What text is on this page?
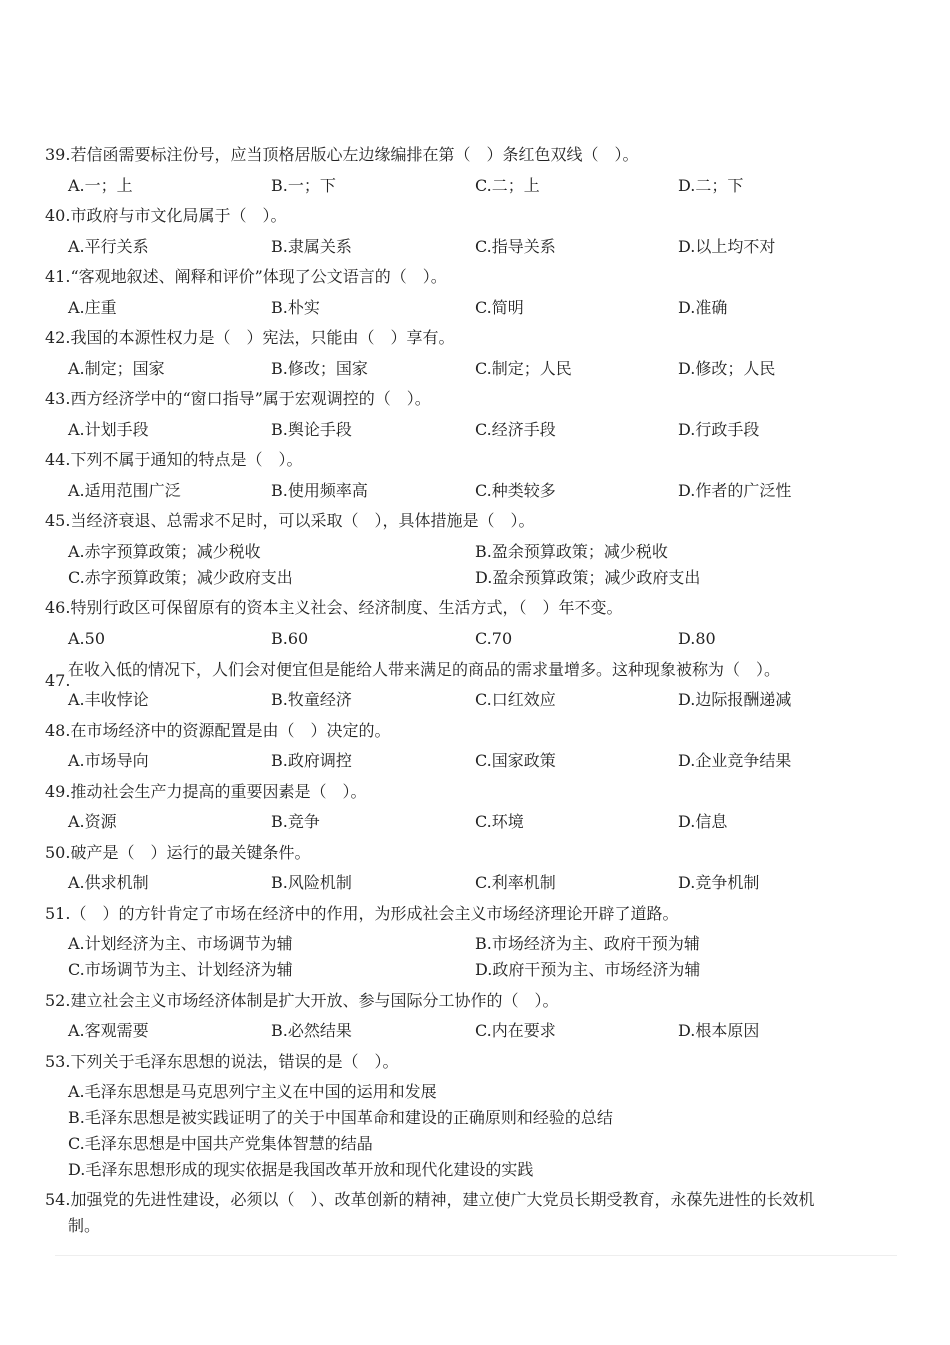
39.若信函需要标注份号，应当顶格居版心左边缘编排在第（　）条红色双线（　）。
A.一；上	B.一；下	C.二；上	D.二；下
40.市政府与市文化局属于（　）。
A.平行关系	B.隶属关系	C.指导关系	D.以上均不对
41.“客观地叙述、阐释和评价”体现了公文语言的（　）。
A.庄重	B.朴实	C.简明	D.准确
42.我国的本源性权力是（　）宪法，只能由（　）享有。
A.制定；国家	B.修改；国家	C.制定；人民	D.修改；人民
43.西方经济学中的“窗口指导”属于宏观调控的（　）。
A.计划手段	B.舆论手段	C.经济手段	D.行政手段
44.下列不属于通知的特点是（　）。
A.适用范围广泛	B.使用频率高	C.种类较多	D.作者的广泛性
45.当经济衰退、总需求不足时，可以采取（　），具体措施是（　）。
A.赤字预算政策；减少税收	B.盈余预算政策；减少税收
C.赤字预算政策；减少政府支出	D.盈余预算政策；减少政府支出
46.特别行政区可保留原有的资本主义社会、经济制度、生活方式，（　）年不变。
A.50	B.60	C.70	D.80
47.
在收入低的情况下，人们会对便宜但是能给人带来满足的商品的需求量增多。这种现象被称为（　）。
A.丰收悖论	B.牧童经济	C.口红效应	D.边际报酬递减
48.在市场经济中的资源配置是由（　）决定的。
A.市场导向	B.政府调控	C.国家政策	D.企业竞争结果
49.推动社会生产力提高的重要因素是（　）。
A.资源	B.竞争	C.环境	D.信息
50.破产是（　）运行的最关键条件。
A.供求机制	B.风险机制	C.利率机制	D.竞争机制
51.（　）的方针肯定了市场在经济中的作用，为形成社会主义市场经济理论开辟了道路。
A.计划经济为主、市场调节为辅	B.市场经济为主、政府干预为辅
C.市场调节为主、计划经济为辅	D.政府干预为主、市场经济为辅
52.建立社会主义市场经济体制是扩大开放、参与国际分工协作的（　）。
A.客观需要	B.必然结果	C.内在要求	D.根本原因
53.下列关于毛泽东思想的说法，错误的是（　）。
A.毛泽东思想是马克思列宁主义在中国的运用和发展
B.毛泽东思想是被实践证明了的关于中国革命和建设的正确原则和经验的总结
C.毛泽东思想是中国共产党集体智慧的结晶
D.毛泽东思想形成的现实依据是我国改革开放和现代化建设的实践
54.加强党的先进性建设，必须以（　）、改革创新的精神，建立使广大党员长期受教育，永葆先进性的长效机
制。
